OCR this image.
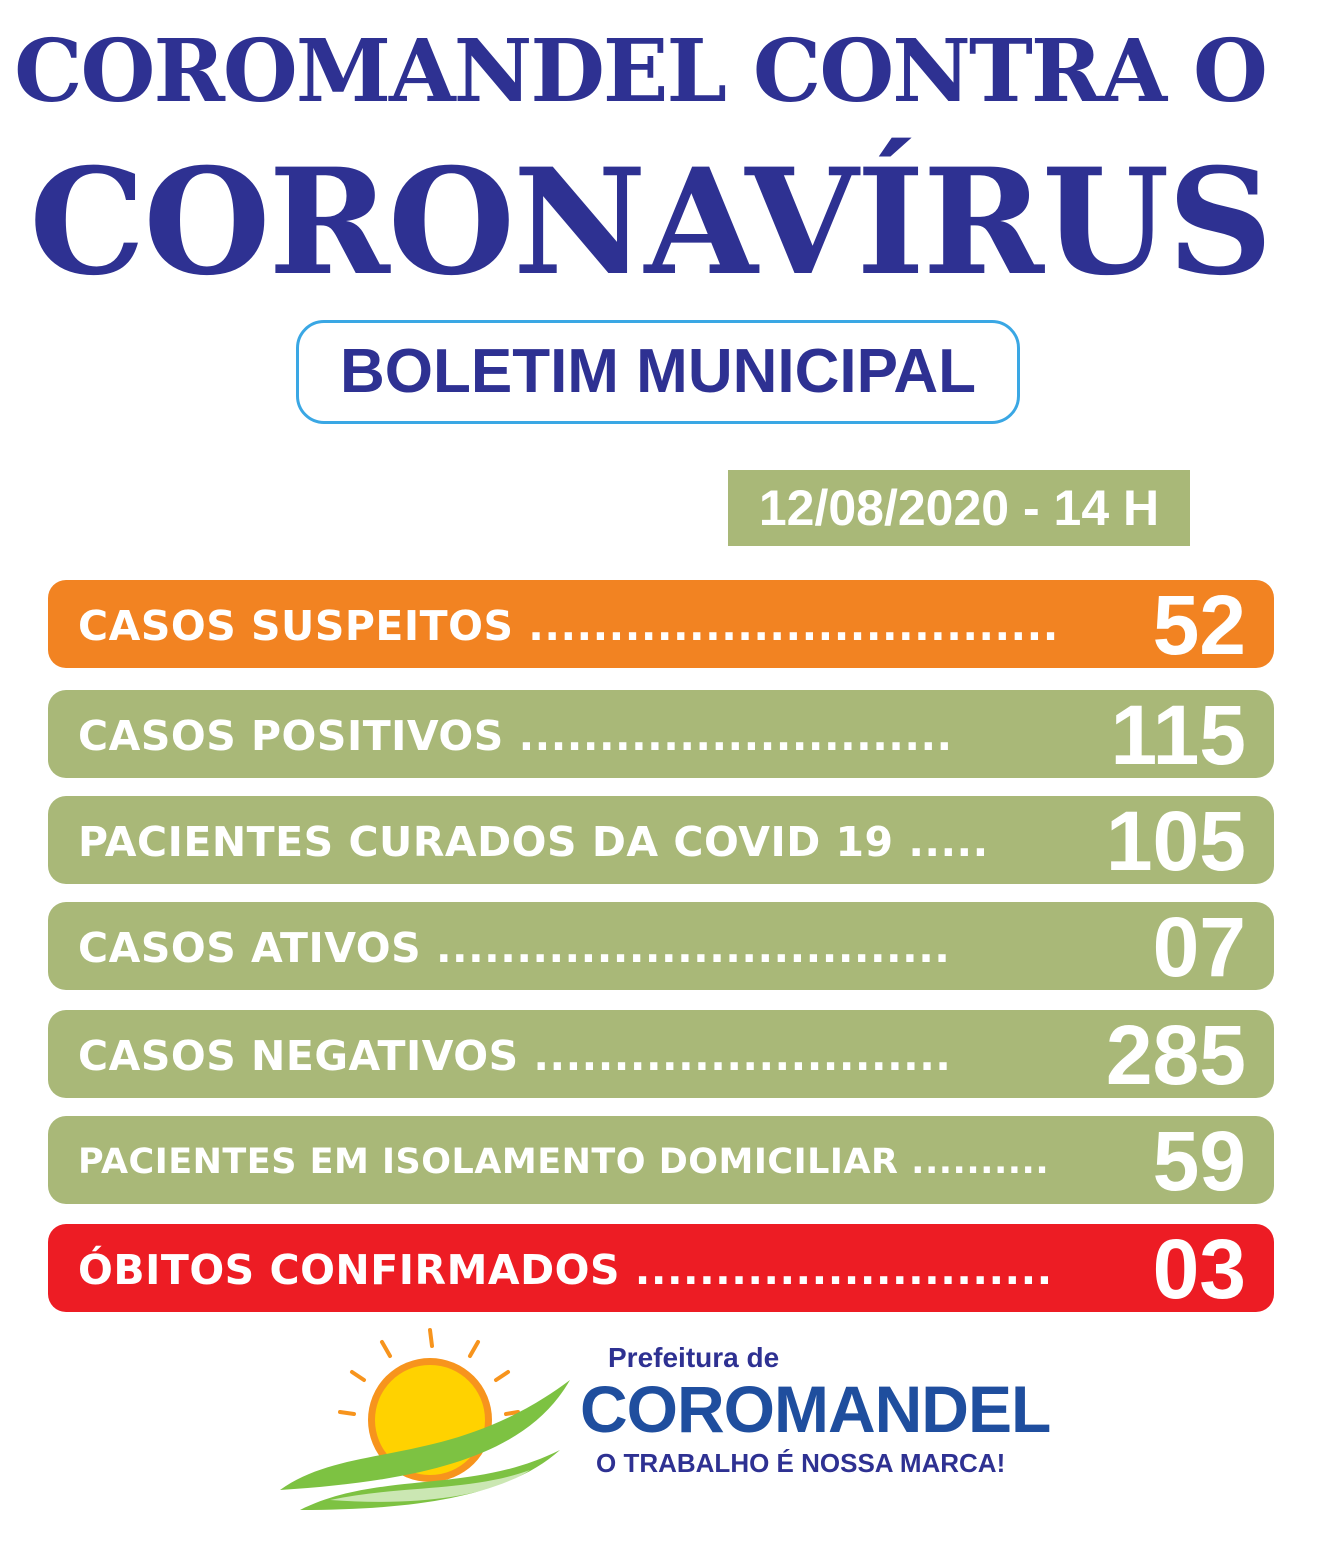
COROMANDEL CONTRA O
CORONAVÍRUS
BOLETIM MUNICIPAL
12/08/2020 - 14 H
CASOS SUSPEITOS ................................. 52
CASOS POSITIVOS ........................... 115
PACIENTES CURADOS DA COVID 19 ..... 105
CASOS ATIVOS ................................ 07
CASOS NEGATIVOS .......................... 285
PACIENTES EM ISOLAMENTO DOMICILIAR .......... 59
ÓBITOS CONFIRMADOS .......................... 03
Prefeitura de
COROMANDEL
O TRABALHO É NOSSA MARCA!
